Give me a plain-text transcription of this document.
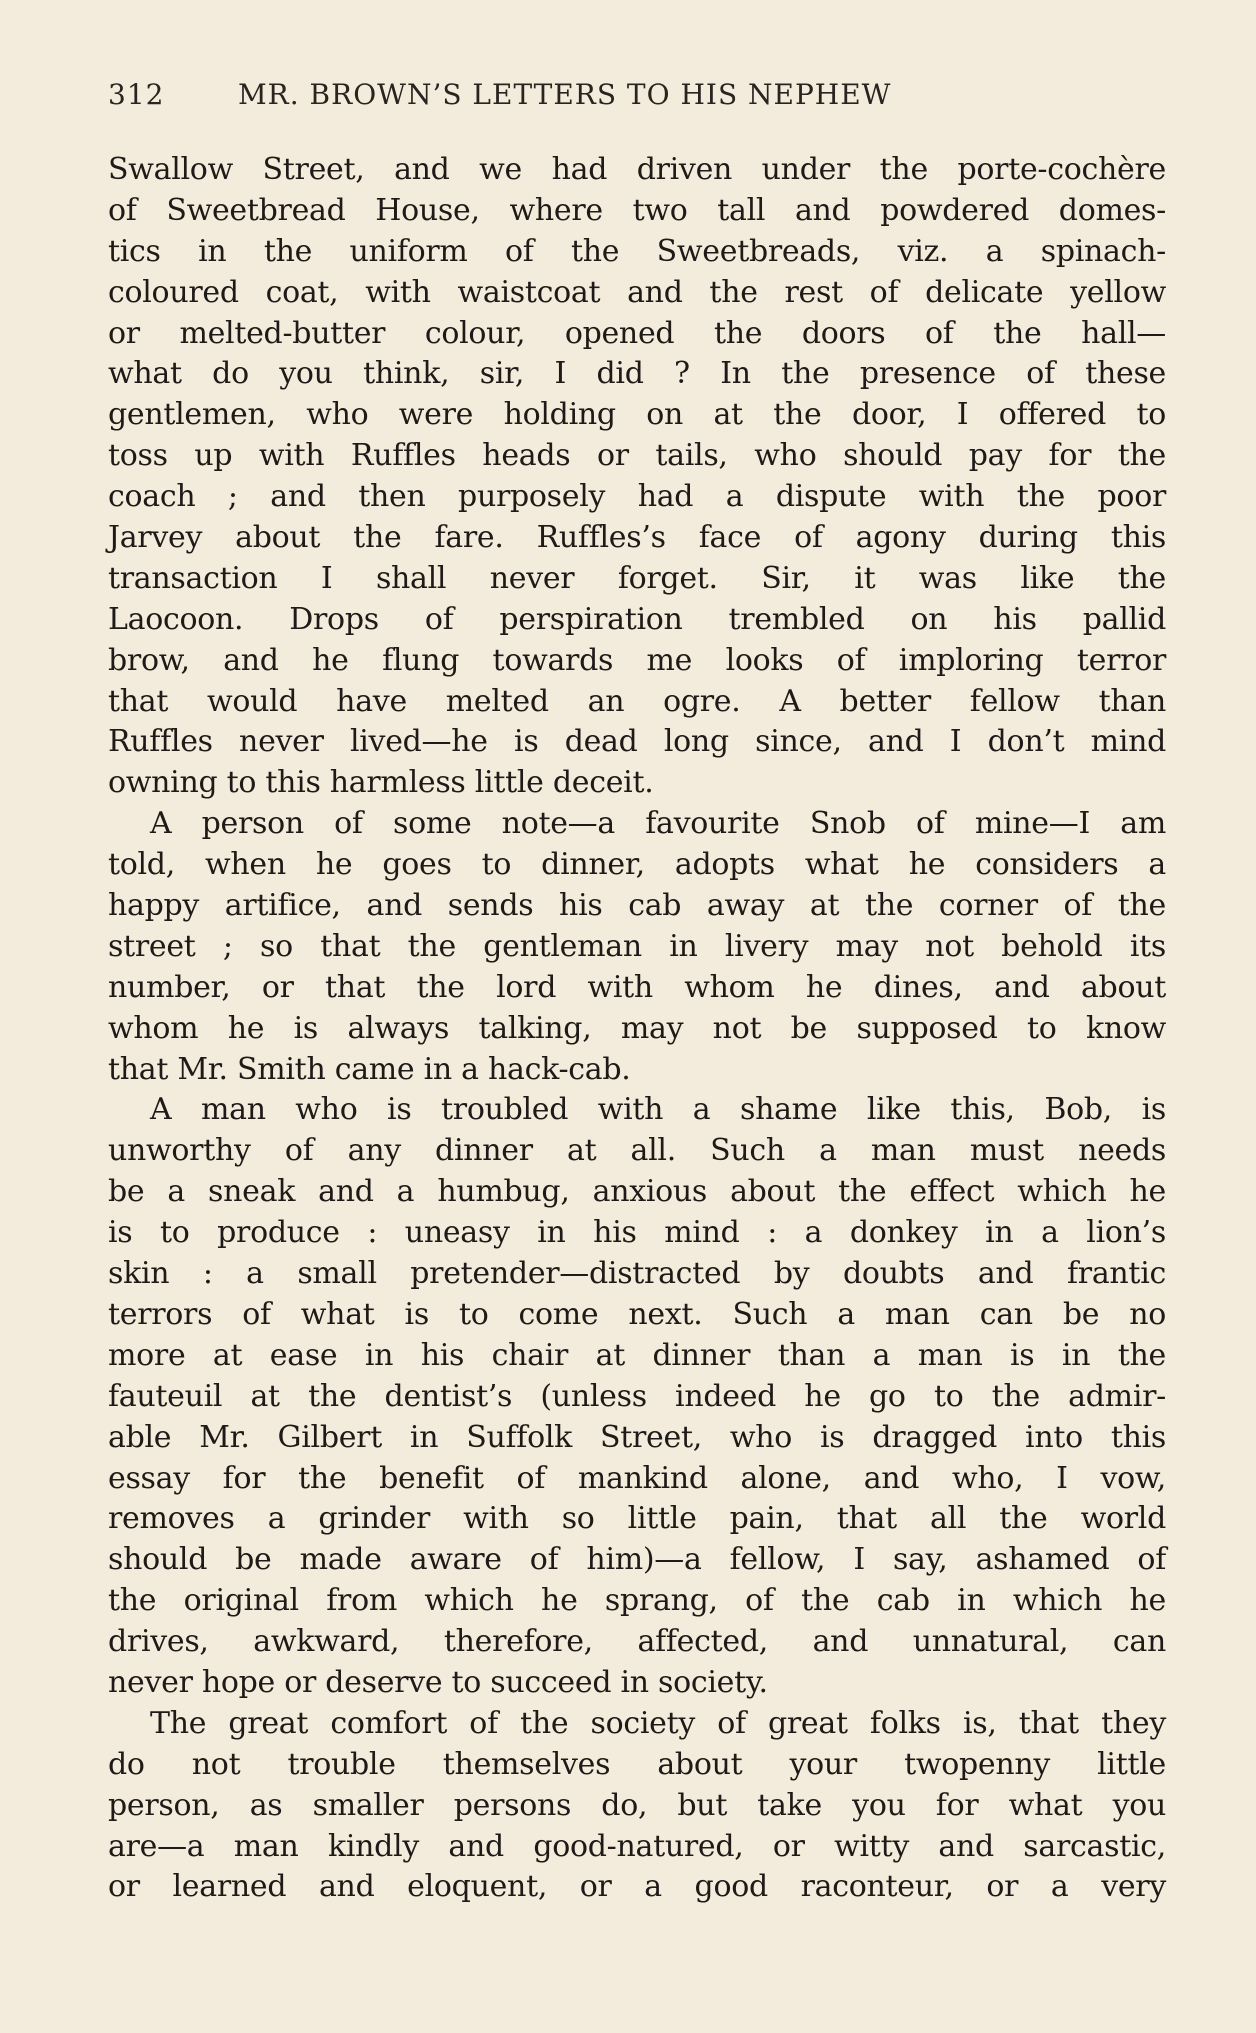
312	MR. BROWN’S LETTERS TO HIS NEPHEW
Swallow Street, and we had driven under the porte-cochère
of Sweetbread House, where two tall and powdered domes-
tics in the uniform of the Sweetbreads, viz. a spinach-
coloured coat, with waistcoat and the rest of delicate yellow
or melted-butter colour, opened the doors of the hall—
what do you think, sir, I did ? In the presence of these
gentlemen, who were holding on at the door, I offered to
toss up with Ruffles heads or tails, who should pay for the
coach ; and then purposely had a dispute with the poor
Jarvey about the fare. Ruffles’s face of agony during this
transaction I shall never forget. Sir, it was like the
Laocoon. Drops of perspiration trembled on his pallid
brow, and he flung towards me looks of imploring terror
that would have melted an ogre. A better fellow than
Ruffles never lived—he is dead long since, and I don’t mind
owning to this harmless little deceit.
A person of some note—a favourite Snob of mine—I am
told, when he goes to dinner, adopts what he considers a
happy artifice, and sends his cab away at the corner of the
street ; so that the gentleman in livery may not behold its
number, or that the lord with whom he dines, and about
whom he is always talking, may not be supposed to know
that Mr. Smith came in a hack-cab.
A man who is troubled with a shame like this, Bob, is
unworthy of any dinner at all. Such a man must needs
be a sneak and a humbug, anxious about the effect which he
is to produce : uneasy in his mind : a donkey in a lion’s
skin : a small pretender—distracted by doubts and frantic
terrors of what is to come next. Such a man can be no
more at ease in his chair at dinner than a man is in the
fauteuil at the dentist’s (unless indeed he go to the admir-
able Mr. Gilbert in Suffolk Street, who is dragged into this
essay for the benefit of mankind alone, and who, I vow,
removes a grinder with so little pain, that all the world
should be made aware of him)—a fellow, I say, ashamed of
the original from which he sprang, of the cab in which he
drives, awkward, therefore, affected, and unnatural, can
never hope or deserve to succeed in society.
The great comfort of the society of great folks is, that they
do not trouble themselves about your twopenny little
person, as smaller persons do, but take you for what you
are—a man kindly and good-natured, or witty and sarcastic,
or learned and eloquent, or a good raconteur, or a very
